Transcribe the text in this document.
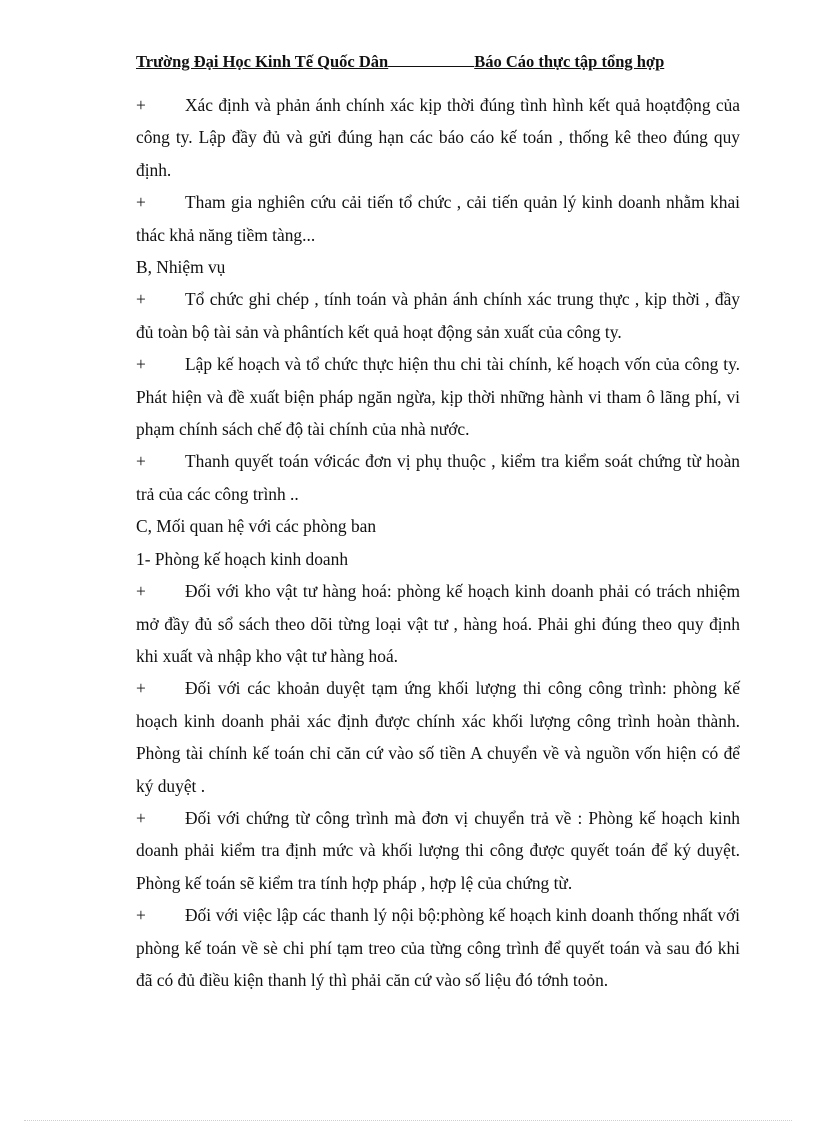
Trường Đại Học Kinh Tế Quốc Dân	Báo Cáo thực tập tổng hợp

+ Xác định và phản ánh chính xác kịp thời đúng tình hình kết quả hoạtđộng của công ty. Lập đầy đủ và gửi đúng hạn các báo cáo kế toán , thống kê theo đúng quy định.

+ Tham gia nghiên cứu cải tiến tổ chức , cải tiến quản lý kinh doanh nhằm khai thác khả năng tiềm tàng...

B, Nhiệm vụ

+ Tổ chức ghi chép , tính toán và phản ánh chính xác trung thực , kịp thời , đầy đủ toàn bộ tài sản và phântích kết quả hoạt động sản xuất của công ty.

+ Lập kế hoạch và tổ chức thực hiện thu chi tài chính, kế hoạch vốn của công ty. Phát hiện và đề xuất biện pháp ngăn ngừa, kịp thời những hành vi tham ô lãng phí, vi phạm chính sách chế độ tài chính của nhà nước.

+ Thanh quyết toán vớicác đơn vị phụ thuộc , kiểm tra kiểm soát chứng từ hoàn trả của các công trình ..

C, Mối quan hệ với các phòng ban

1- Phòng kế hoạch kinh doanh

+ Đối với kho vật tư hàng hoá: phòng kế hoạch kinh doanh phải có trách nhiệm mở đầy đủ sổ sách theo dõi từng loại vật tư , hàng hoá. Phải ghi đúng theo quy định khi xuất và nhập kho vật tư hàng hoá.

+ Đối với các khoản duyệt tạm ứng khối lượng thi công công trình: phòng kế hoạch kinh doanh phải xác định được chính xác khối lượng công trình hoàn thành. Phòng tài chính kế toán chỉ căn cứ vào số tiền A chuyển về và nguồn vốn hiện có để ký duyệt .

+ Đối với chứng từ công trình mà đơn vị chuyển trả về : Phòng kế hoạch kinh doanh phải kiểm tra định mức và khối lượng thi công được quyết toán để ký duyệt. Phòng kế toán sẽ kiểm tra tính hợp pháp , hợp lệ của chứng từ.

+ Đối với việc lập các thanh lý nội bộ:phòng kế hoạch kinh doanh thống nhất với phòng kế toán về sè chi phí tạm treo của từng công trình để quyết toán và sau đó khi đã có đủ điều kiện thanh lý thì phải căn cứ vào số liệu đó tớnh toỏn.
